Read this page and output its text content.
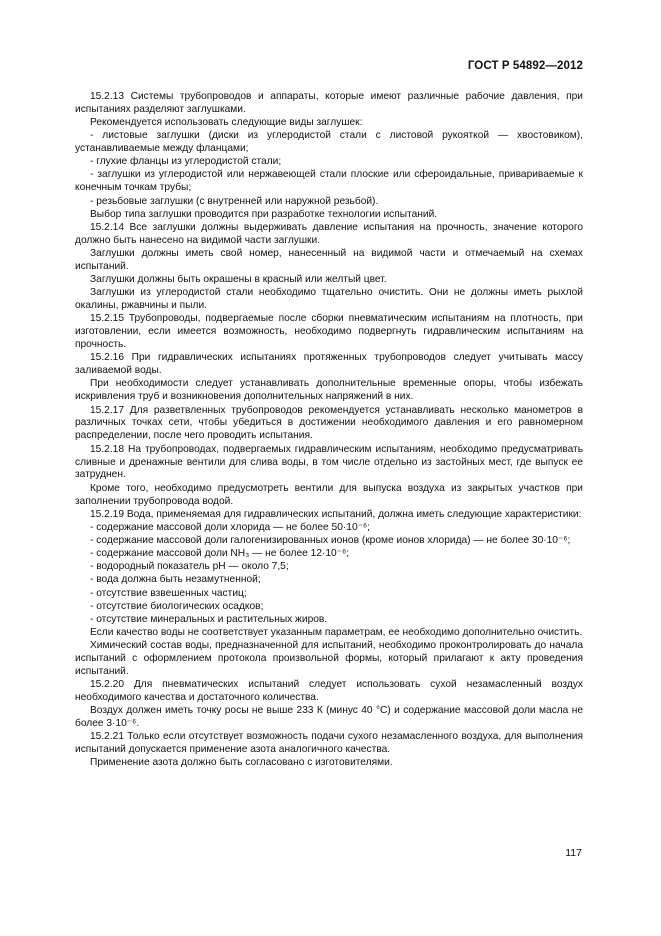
ГОСТ Р 54892—2012

15.2.13 Системы трубопроводов и аппараты, которые имеют различные рабочие давления, при испытаниях разделяют заглушками.

Рекомендуется использовать следующие виды заглушек:

- листовые заглушки (диски из углеродистой стали с листовой рукояткой — хвостовиком), устанавливаемые между фланцами;

- глухие фланцы из углеродистой стали;

- заглушки из углеродистой или нержавеющей стали плоские или сфероидальные, привариваемые к конечным точкам трубы;

- резьбовые заглушки (с внутренней или наружной резьбой).

Выбор типа заглушки проводится при разработке технологии испытаний.

15.2.14 Все заглушки должны выдерживать давление испытания на прочность, значение которого должно быть нанесено на видимой части заглушки.

Заглушки должны иметь свой номер, нанесенный на видимой части и отмечаемый на схемах испытаний.

Заглушки должны быть окрашены в красный или желтый цвет.

Заглушки из углеродистой стали необходимо тщательно очистить. Они не должны иметь рыхлой окалины, ржавчины и пыли.

15.2.15 Трубопроводы, подвергаемые после сборки пневматическим испытаниям на плотность, при изготовлении, если имеется возможность, необходимо подвергнуть гидравлическим испытаниям на прочность.

15.2.16 При гидравлических испытаниях протяженных трубопроводов следует учитывать массу заливаемой воды.

При необходимости следует устанавливать дополнительные временные опоры, чтобы избежать искривления труб и возникновения дополнительных напряжений в них.

15.2.17 Для разветвленных трубопроводов рекомендуется устанавливать несколько манометров в различных точках сети, чтобы убедиться в достижении необходимого давления и его равномерном распределении, после чего проводить испытания.

15.2.18 На трубопроводах, подвергаемых гидравлическим испытаниям, необходимо предусматривать сливные и дренажные вентили для слива воды, в том числе отдельно из застойных мест, где выпуск ее затруднен.

Кроме того, необходимо предусмотреть вентили для выпуска воздуха из закрытых участков при заполнении трубопровода водой.

15.2.19 Вода, применяемая для гидравлических испытаний, должна иметь следующие характеристики:

- содержание массовой доли хлорида — не более 50·10⁻⁶;

- содержание массовой доли галогенизированных ионов (кроме ионов хлорида) — не более 30·10⁻⁶;

- содержание массовой доли NH₃ — не более 12·10⁻⁶;

- водородный показатель pH — около 7,5;

- вода должна быть незамутненной;

- отсутствие взвешенных частиц;

- отсутствие биологических осадков;

- отсутствие минеральных и растительных жиров.

Если качество воды не соответствует указанным параметрам, ее необходимо дополнительно очистить.

Химический состав воды, предназначенной для испытаний, необходимо проконтролировать до начала испытаний с оформлением протокола произвольной формы, который прилагают к акту проведения испытаний.

15.2.20 Для пневматических испытаний следует использовать сухой незамасленный воздух необходимого качества и достаточного количества.

Воздух должен иметь точку росы не выше 233 К (минус 40 °С) и содержание массовой доли масла не более 3·10⁻⁶.

15.2.21 Только если отсутствует возможность подачи сухого незамасленного воздуха, для выполнения испытаний допускается применение азота аналогичного качества.

Применение азота должно быть согласовано с изготовителями.

117
